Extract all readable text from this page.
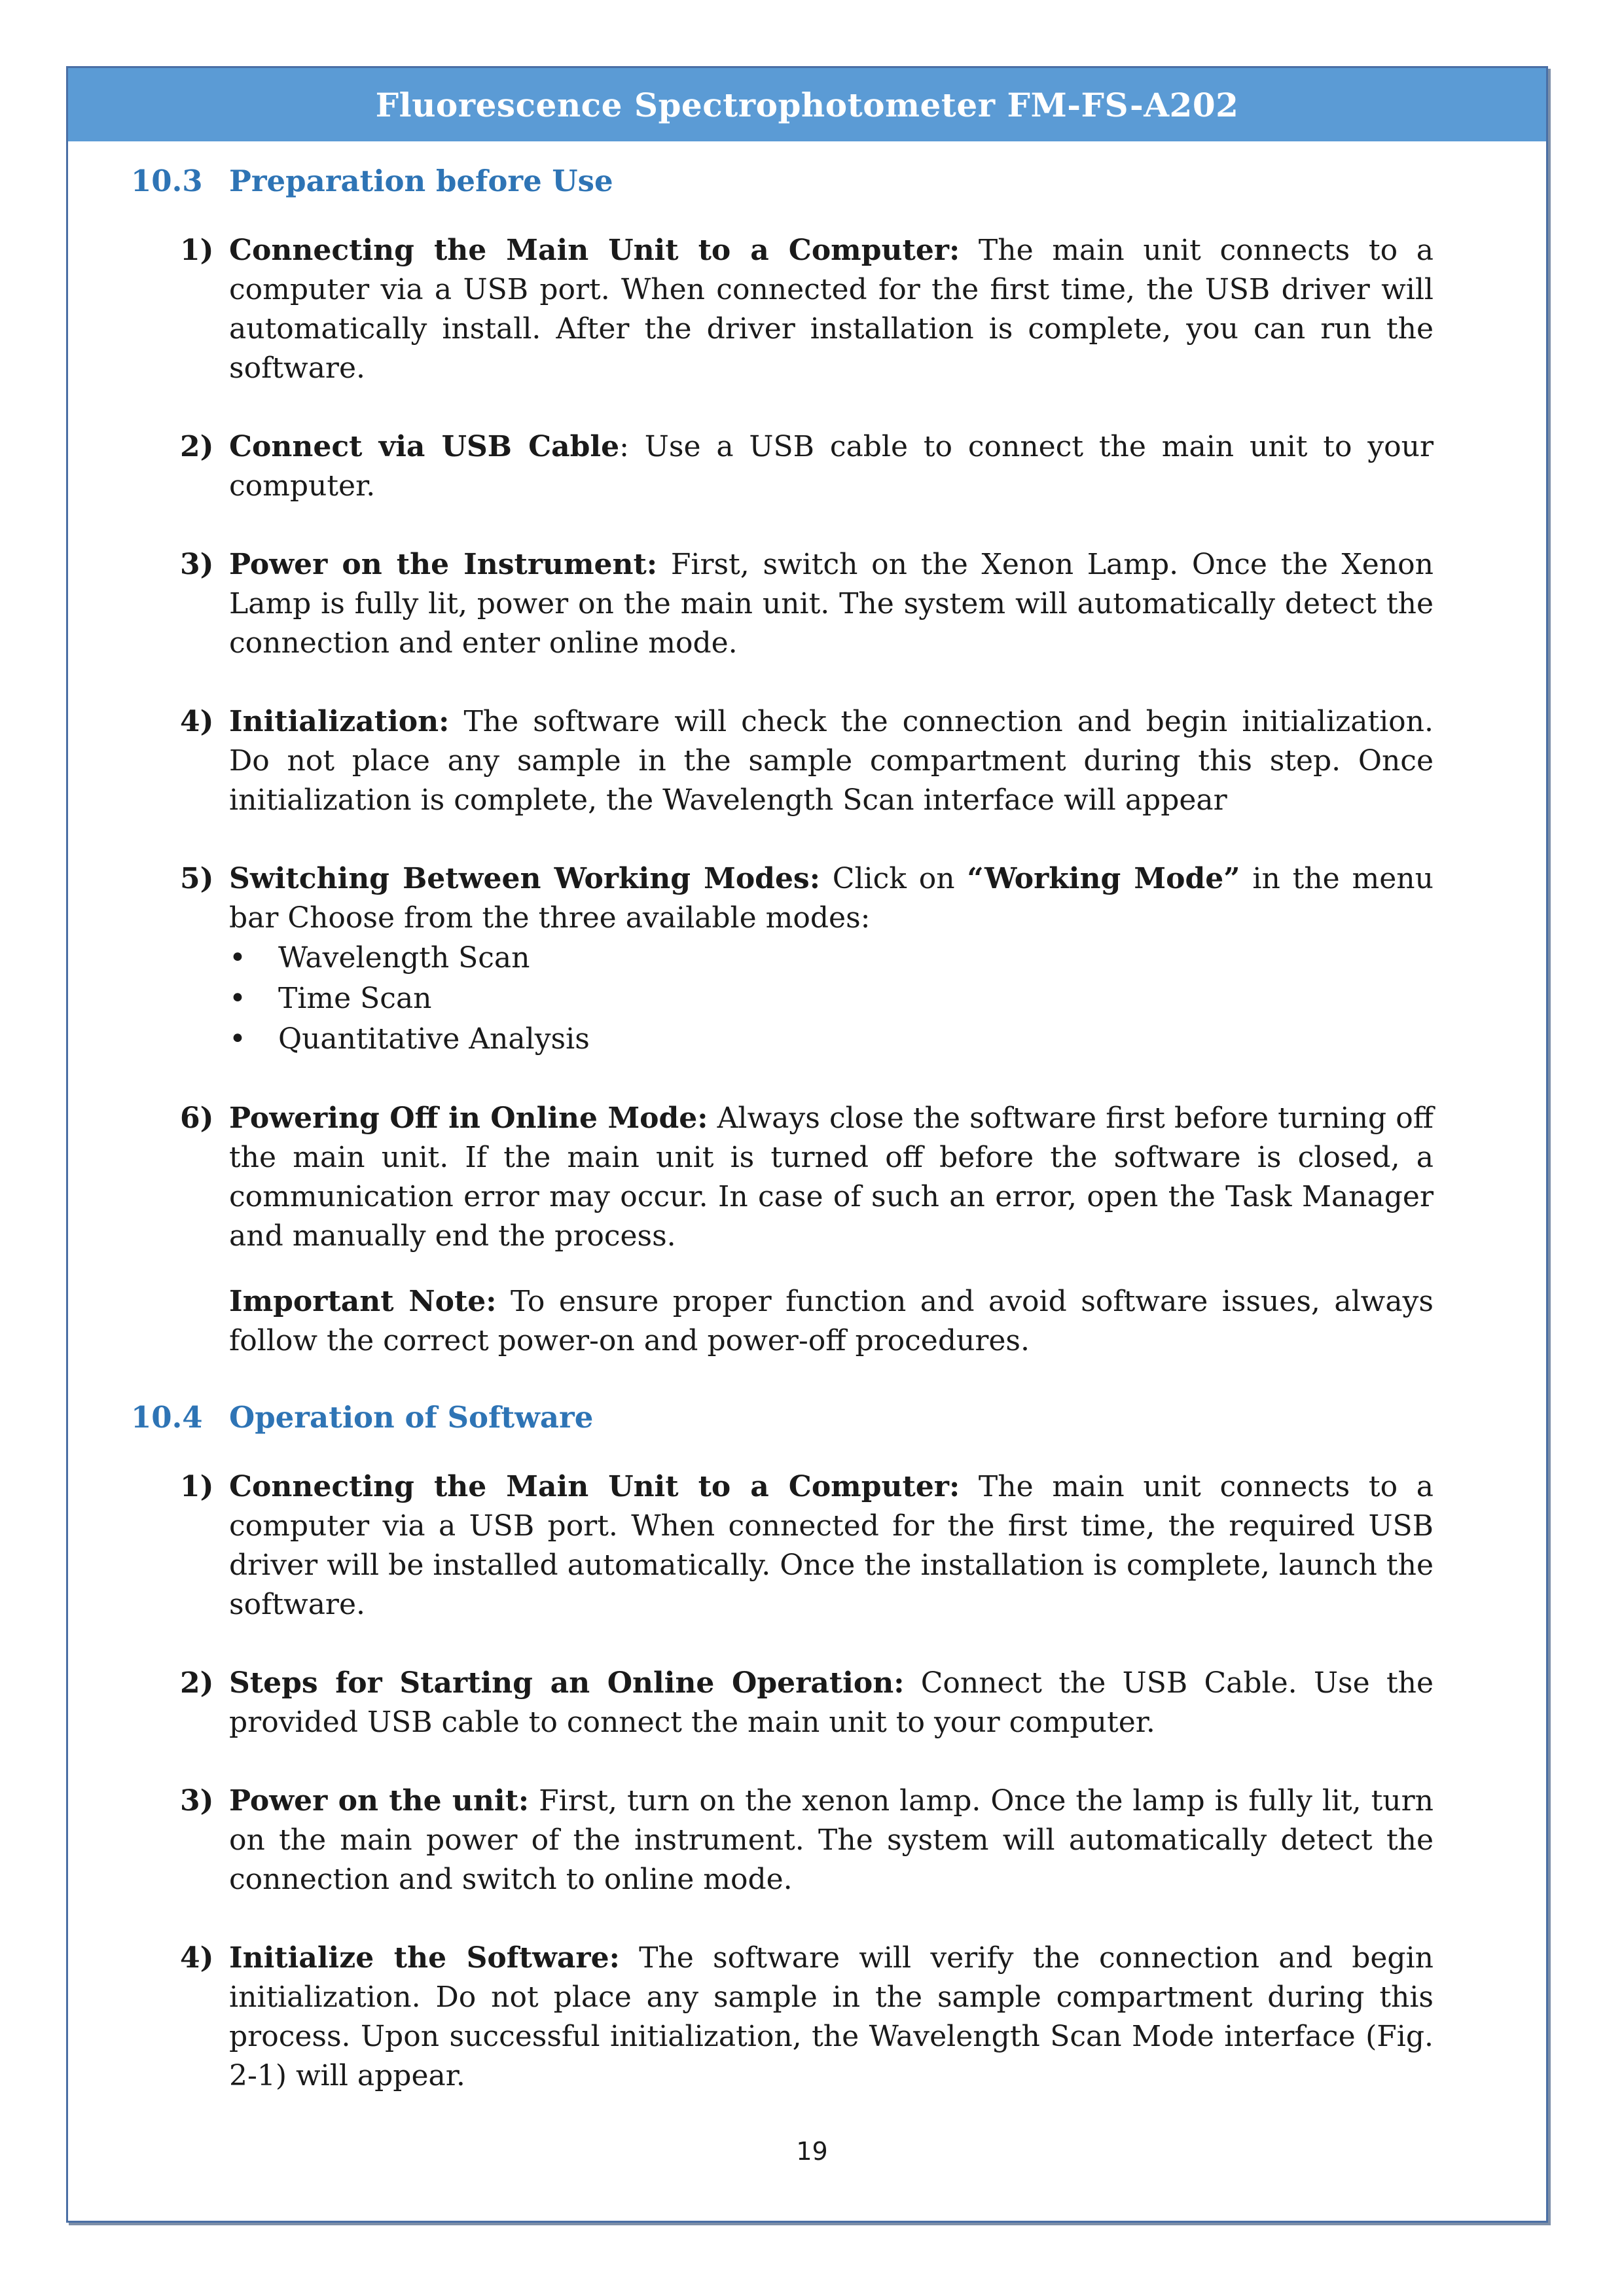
Fluorescence Spectrophotometer FM-FS-A202
10.3 Preparation before Use
1) Connecting the Main Unit to a Computer: The main unit connects to a computer via a USB port. When connected for the first time, the USB driver will automatically install. After the driver installation is complete, you can run the software.
2) Connect via USB Cable: Use a USB cable to connect the main unit to your computer.
3) Power on the Instrument: First, switch on the Xenon Lamp. Once the Xenon Lamp is fully lit, power on the main unit. The system will automatically detect the connection and enter online mode.
4) Initialization: The software will check the connection and begin initialization. Do not place any sample in the sample compartment during this step. Once initialization is complete, the Wavelength Scan interface will appear
5) Switching Between Working Modes: Click on “Working Mode” in the menu bar Choose from the three available modes:
•	Wavelength Scan
•	Time Scan
•	Quantitative Analysis
6) Powering Off in Online Mode: Always close the software first before turning off the main unit. If the main unit is turned off before the software is closed, a communication error may occur. In case of such an error, open the Task Manager and manually end the process.
Important Note: To ensure proper function and avoid software issues, always follow the correct power-on and power-off procedures.
10.4 Operation of Software
1) Connecting the Main Unit to a Computer: The main unit connects to a computer via a USB port. When connected for the first time, the required USB driver will be installed automatically. Once the installation is complete, launch the software.
2) Steps for Starting an Online Operation: Connect the USB Cable. Use the provided USB cable to connect the main unit to your computer.
3) Power on the unit: First, turn on the xenon lamp. Once the lamp is fully lit, turn on the main power of the instrument. The system will automatically detect the connection and switch to online mode.
4) Initialize the Software: The software will verify the connection and begin initialization. Do not place any sample in the sample compartment during this process. Upon successful initialization, the Wavelength Scan Mode interface (Fig. 2-1) will appear.
19
